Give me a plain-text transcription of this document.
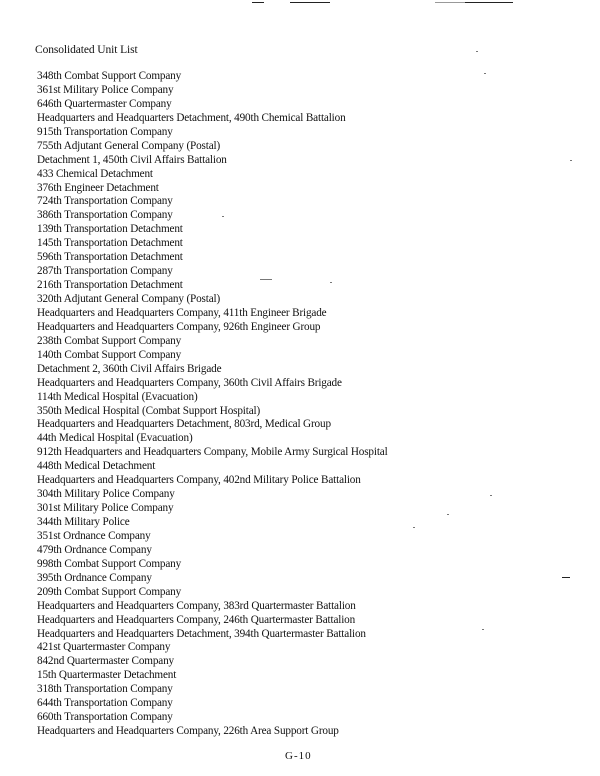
Consolidated Unit List
348th Combat Support Company
361st Military Police Company
646th Quartermaster Company
Headquarters and Headquarters Detachment, 490th Chemical Battalion
915th Transportation Company
755th Adjutant General Company (Postal)
Detachment 1, 450th Civil Affairs Battalion
433 Chemical Detachment
376th Engineer Detachment
724th Transportation Company
386th Transportation Company
139th Transportation Detachment
145th Transportation Detachment
596th Transportation Detachment
287th Transportation Company
216th Transportation Detachment
320th Adjutant General Company (Postal)
Headquarters and Headquarters Company, 411th Engineer Brigade
Headquarters and Headquarters Company, 926th Engineer Group
238th Combat Support Company
140th Combat Support Company
Detachment 2, 360th Civil Affairs Brigade
Headquarters and Headquarters Company, 360th Civil Affairs Brigade
114th Medical Hospital (Evacuation)
350th Medical Hospital (Combat Support Hospital)
Headquarters and Headquarters Detachment, 803rd, Medical Group
44th Medical Hospital (Evacuation)
912th Headquarters and Headquarters Company, Mobile Army Surgical Hospital
448th Medical Detachment
Headquarters and Headquarters Company, 402nd Military Police Battalion
304th Military Police Company
301st Military Police Company
344th Military Police
351st Ordnance Company
479th Ordnance Company
998th Combat Support Company
395th Ordnance Company
209th Combat Support Company
Headquarters and Headquarters Company, 383rd Quartermaster Battalion
Headquarters and Headquarters Company, 246th Quartermaster Battalion
Headquarters and Headquarters Detachment, 394th Quartermaster Battalion
421st Quartermaster Company
842nd Quartermaster Company
15th Quartermaster Detachment
318th Transportation Company
644th Transportation Company
660th Transportation Company
Headquarters and Headquarters Company, 226th Area Support Group
G-10
